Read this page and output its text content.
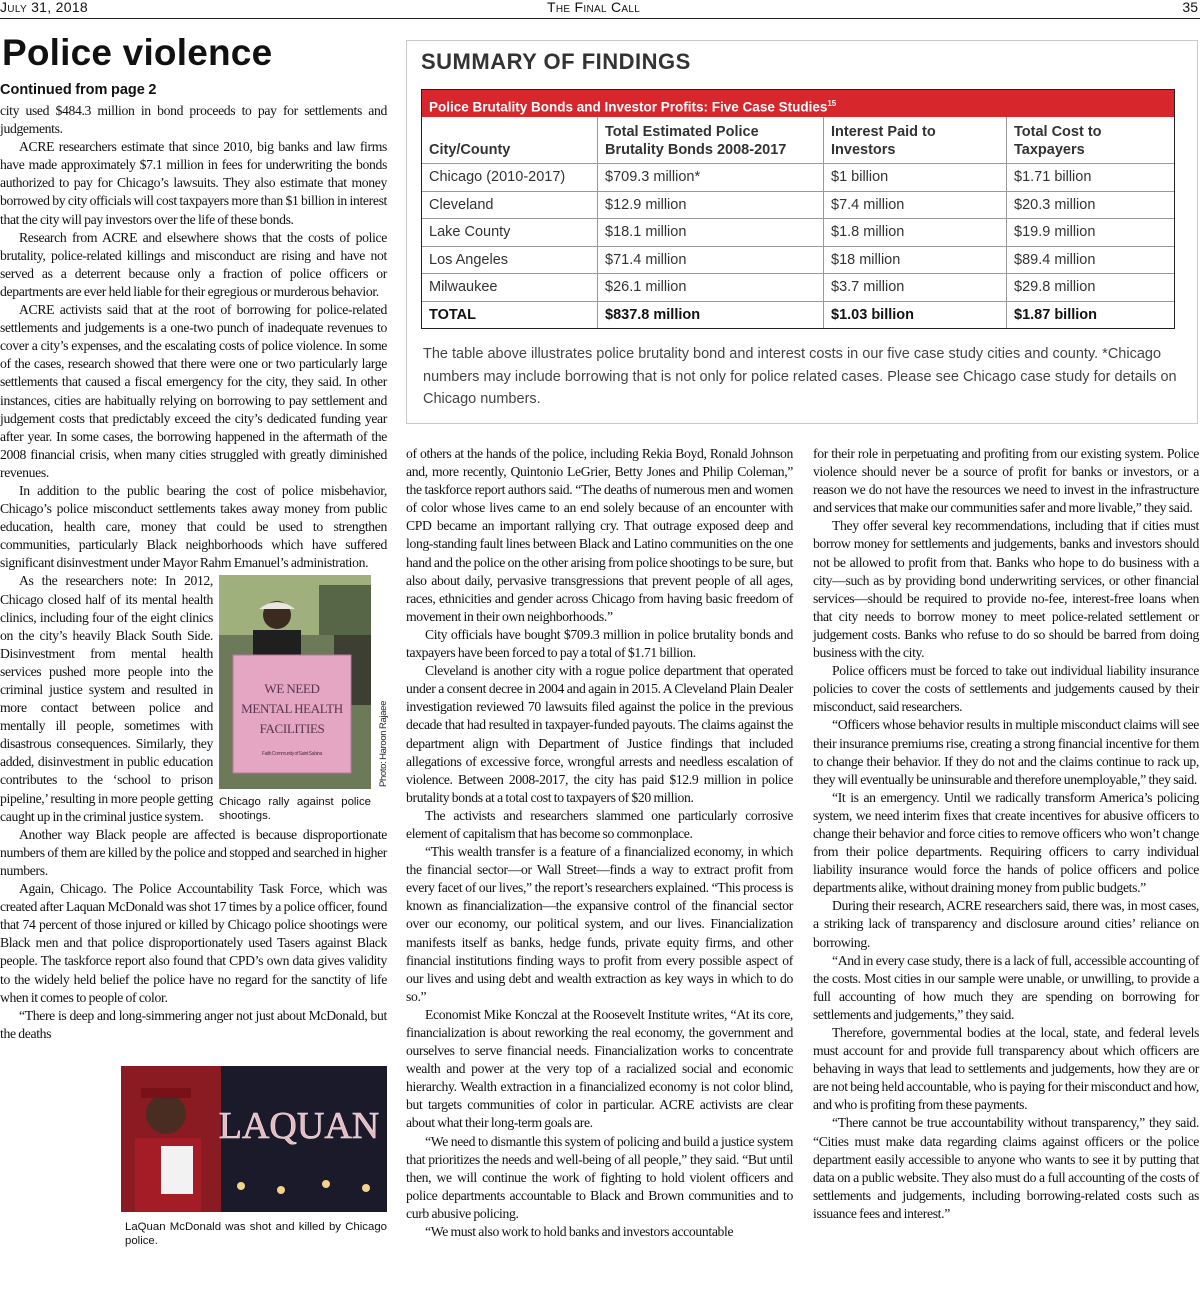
July 31, 2018	The Final Call	35
Police violence
Continued from page 2

city used $484.3 million in bond proceeds to pay for settlements and judgements.

ACRE researchers estimate that since 2010, big banks and law firms have made approximately $7.1 million in fees for underwriting the bonds authorized to pay for Chicago’s lawsuits. They also estimate that money borrowed by city officials will cost taxpayers more than $1 billion in interest that the city will pay investors over the life of these bonds.

Research from ACRE and elsewhere shows that the costs of police brutality, police-related killings and misconduct are rising and have not served as a deterrent because only a fraction of police officers or departments are ever held liable for their egregious or murderous behavior.

ACRE activists said that at the root of borrowing for police-related settlements and judgements is a one-two punch of inadequate revenues to cover a city’s expenses, and the escalating costs of police violence. In some of the cases, research showed that there were one or two particularly large settlements that caused a fiscal emergency for the city, they said. In other instances, cities are habitually relying on borrowing to pay settlement and judgement costs that predictably exceed the city’s dedicated funding year after year. In some cases, the borrowing happened in the aftermath of the 2008 financial crisis, when many cities struggled with greatly diminished revenues.

In addition to the public bearing the cost of police misbehavior, Chicago’s police misconduct settlements takes away money from public education, health care, money that could be used to strengthen communities, particularly Black neighborhoods which have suffered significant disinvestment under Mayor Rahm Emanuel’s administration.

WE NEED
MENTAL HEALTH
FACILITIES
Faith Community of Saint Sabina	Photo: Haroon Rajaee
Chicago rally against police shootings.

As the researchers note: In 2012, Chicago closed half of its mental health clinics, including four of the eight clinics on the city’s heavily Black South Side. Disinvestment from mental health services pushed more people into the criminal justice system and resulted in more contact between police and mentally ill people, sometimes with disastrous consequences. Similarly, they added, disinvestment in public education contributes to the ‘school to prison pipeline,’ resulting in more people getting caught up in the criminal justice system.

Another way Black people are affected is because disproportionate numbers of them are killed by the police and stopped and searched in higher numbers.

Again, Chicago. The Police Accountability Task Force, which was created after Laquan McDonald was shot 17 times by a police officer, found that 74 percent of those injured or killed by Chicago police shootings were Black men and that police disproportionately used Tasers against Black people. The taskforce report also found that CPD’s own data gives validity to the widely held belief the police have no regard for the sanctity of life when it comes to people of color.

“There is deep and long-simmering anger not just about McDonald, but the deaths

LAQUAN
LaQuan McDonald was shot and killed by Chicago police.
SUMMARY OF FINDINGS
Police Brutality Bonds and Investor Profits: Five Case Studies$^{15}$
City/County	Total Estimated Police Brutality Bonds 2008-2017	Interest Paid to Investors	Total Cost to Taxpayers
Chicago (2010-2017)	$709.3 million*	$1 billion	$1.71 billion
Cleveland	$12.9 million	$7.4 million	$20.3 million
Lake County	$18.1 million	$1.8 million	$19.9 million
Los Angeles	$71.4 million	$18 million	$89.4 million
Milwaukee	$26.1 million	$3.7 million	$29.8 million
TOTAL	$837.8 million	$1.03 billion	$1.87 billion
The table above illustrates police brutality bond and interest costs in our five case study cities and county. *Chicago numbers may include borrowing that is not only for police related cases. Please see Chicago case study for details on Chicago numbers.

of others at the hands of the police, including Rekia Boyd, Ronald Johnson and, more recently, Quintonio LeGrier, Betty Jones and Philip Coleman,” the taskforce report authors said. “The deaths of numerous men and women of color whose lives came to an end solely because of an encounter with CPD became an important rallying cry. That outrage exposed deep and long-standing fault lines between Black and Latino communities on the one hand and the police on the other arising from police shootings to be sure, but also about daily, pervasive transgressions that prevent people of all ages, races, ethnicities and gender across Chicago from having basic freedom of movement in their own neighborhoods.”

City officials have bought $709.3 million in police brutality bonds and taxpayers have been forced to pay a total of $1.71 billion.

Cleveland is another city with a rogue police department that operated under a consent decree in 2004 and again in 2015. A Cleveland Plain Dealer investigation reviewed 70 lawsuits filed against the police in the previous decade that had resulted in taxpayer-funded payouts. The claims against the department align with Department of Justice findings that included allegations of excessive force, wrongful arrests and needless escalation of violence. Between 2008-2017, the city has paid $12.9 million in police brutality bonds at a total cost to taxpayers of $20 million.

The activists and researchers slammed one particularly corrosive element of capitalism that has become so commonplace.

“This wealth transfer is a feature of a financialized economy, in which the financial sector—or Wall Street—finds a way to extract profit from every facet of our lives,” the report’s researchers explained. “This process is known as financialization—the expansive control of the financial sector over our economy, our political system, and our lives. Financialization manifests itself as banks, hedge funds, private equity firms, and other financial institutions finding ways to profit from every possible aspect of our lives and using debt and wealth extraction as key ways in which to do so.”

Economist Mike Konczal at the Roosevelt Institute writes, “At its core, financialization is about reworking the real economy, the government and ourselves to serve financial needs. Financialization works to concentrate wealth and power at the very top of a racialized social and economic hierarchy. Wealth extraction in a financialized economy is not color blind, but targets communities of color in particular. ACRE activists are clear about what their long-term goals are.

“We need to dismantle this system of policing and build a justice system that prioritizes the needs and well-being of all people,” they said. “But until then, we will continue the work of fighting to hold violent officers and police departments accountable to Black and Brown communities and to curb abusive policing.

“We must also work to hold banks and investors accountable

for their role in perpetuating and profiting from our existing system. Police violence should never be a source of profit for banks or investors, or a reason we do not have the resources we need to invest in the infrastructure and services that make our communities safer and more livable,” they said.

They offer several key recommendations, including that if cities must borrow money for settlements and judgements, banks and investors should not be allowed to profit from that. Banks who hope to do business with a city—such as by providing bond underwriting services, or other financial services—should be required to provide no-fee, interest-free loans when that city needs to borrow money to meet police-related settlement or judgement costs. Banks who refuse to do so should be barred from doing business with the city.

Police officers must be forced to take out individual liability insurance policies to cover the costs of settlements and judgements caused by their misconduct, said researchers.

“Officers whose behavior results in multiple misconduct claims will see their insurance premiums rise, creating a strong financial incentive for them to change their behavior. If they do not and the claims continue to rack up, they will eventually be uninsurable and therefore unemployable,” they said.

“It is an emergency. Until we radically transform America’s policing system, we need interim fixes that create incentives for abusive officers to change their behavior and force cities to remove officers who won’t change from their police departments. Requiring officers to carry individual liability insurance would force the hands of police officers and police departments alike, without draining money from public budgets.”

During their research, ACRE researchers said, there was, in most cases, a striking lack of transparency and disclosure around cities’ reliance on borrowing.

“And in every case study, there is a lack of full, accessible accounting of the costs. Most cities in our sample were unable, or unwilling, to provide a full accounting of how much they are spending on borrowing for settlements and judgements,” they said.

Therefore, governmental bodies at the local, state, and federal levels must account for and provide full transparency about which officers are behaving in ways that lead to settlements and judgements, how they are or are not being held accountable, who is paying for their misconduct and how, and who is profiting from these payments.

“There cannot be true accountability without transparency,” they said. “Cities must make data regarding claims against officers or the police department easily accessible to anyone who wants to see it by putting that data on a public website. They also must do a full accounting of the costs of settlements and judgements, including borrowing-related costs such as issuance fees and interest.”
